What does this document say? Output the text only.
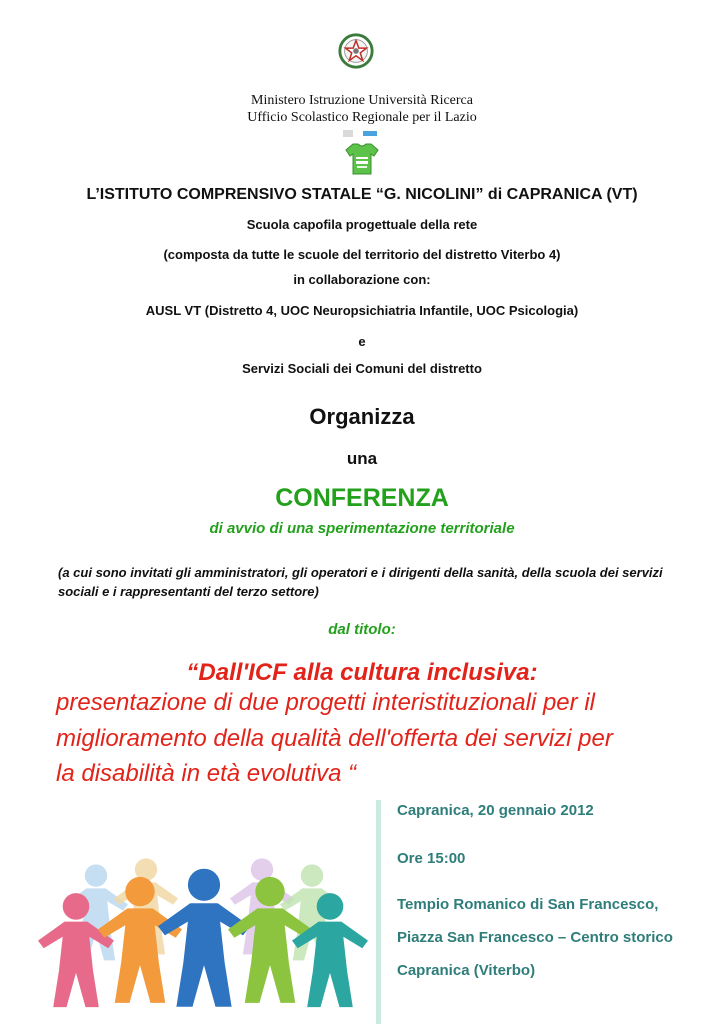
Ministero Istruzione Università Ricerca
Ufficio Scolastico Regionale per il Lazio
L’ISTITUTO COMPRENSIVO STATALE “G. NICOLINI” di CAPRANICA (VT)
Scuola capofila progettuale della rete
(composta da tutte le scuole del territorio del distretto Viterbo 4)
in collaborazione con:
AUSL VT (Distretto 4, UOC Neuropsichiatria Infantile, UOC Psicologia)
e
Servizi Sociali dei Comuni del distretto
Organizza
una
CONFERENZA
di avvio di una sperimentazione territoriale
(a cui sono invitati gli amministratori, gli operatori e i dirigenti della sanità, della scuola dei servizi sociali e i rappresentanti del terzo settore)
dal titolo:
“Dall'ICF alla cultura inclusiva:
presentazione di due progetti interistituzionali per il
miglioramento della qualità dell'offerta dei servizi per
la disabilità in età evolutiva “
Capranica, 20 gennaio 2012
Ore 15:00
Tempio Romanico di San Francesco,
Piazza San Francesco – Centro storico
Capranica (Viterbo)
